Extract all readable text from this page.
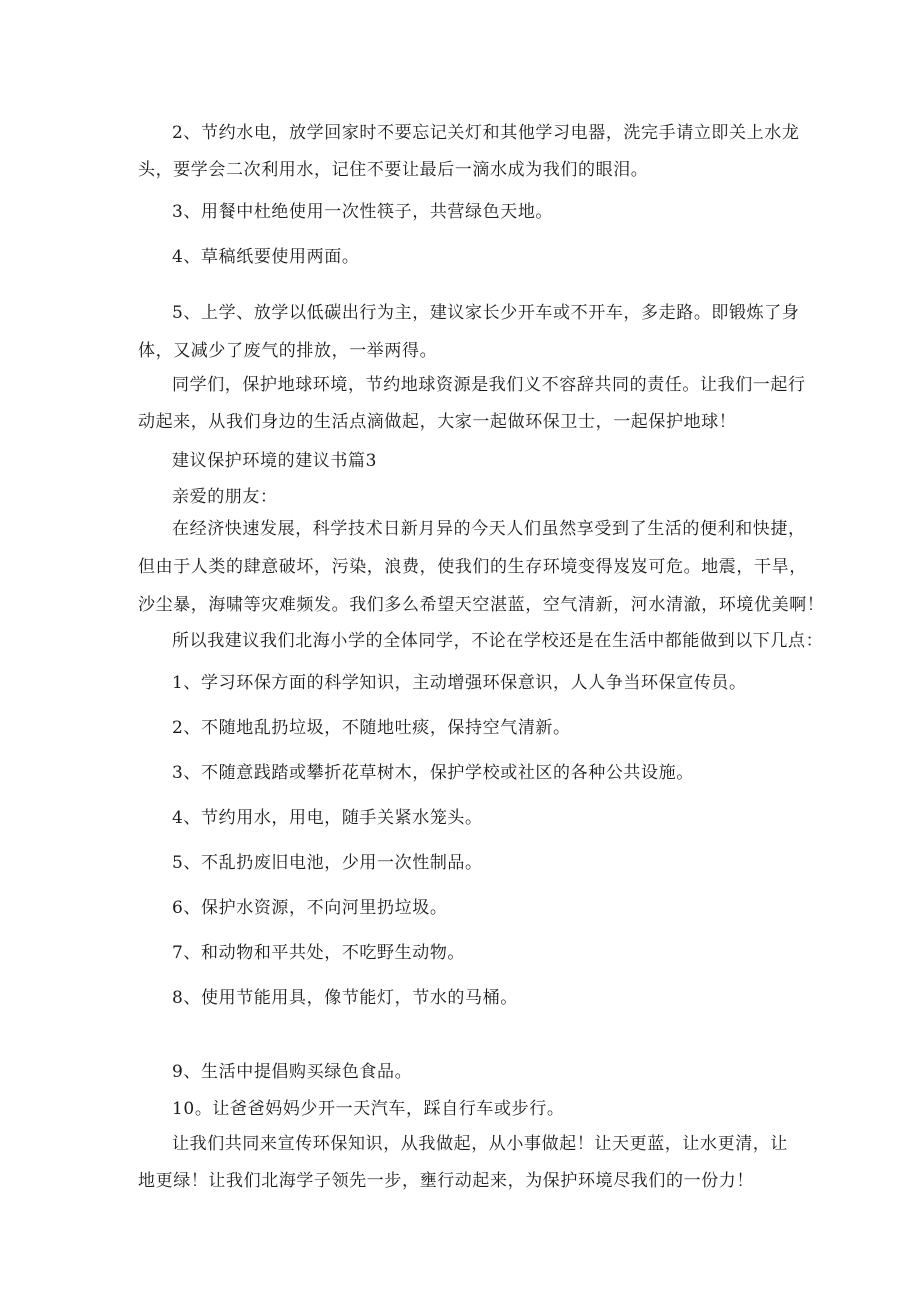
2、节约水电，放学回家时不要忘记关灯和其他学习电器，洗完手请立即关上水龙
头，要学会二次利用水，记住不要让最后一滴水成为我们的眼泪。
3、用餐中杜绝使用一次性筷子，共营绿色天地。
4、草稿纸要使用两面。
5、上学、放学以低碳出行为主，建议家长少开车或不开车，多走路。即锻炼了身
体，又减少了废气的排放，一举两得。
同学们，保护地球环境，节约地球资源是我们义不容辞共同的责任。让我们一起行
动起来，从我们身边的生活点滴做起，大家一起做环保卫士，一起保护地球！
建议保护环境的建议书篇3
亲爱的朋友：
在经济快速发展，科学技术日新月异的今天人们虽然享受到了生活的便利和快捷，
但由于人类的肆意破坏，污染，浪费，使我们的生存环境变得岌岌可危。地震，干旱，
沙尘暴，海啸等灾难频发。我们多么希望天空湛蓝，空气清新，河水清澈，环境优美啊！
所以我建议我们北海小学的全体同学，不论在学校还是在生活中都能做到以下几点：
1、学习环保方面的科学知识，主动增强环保意识，人人争当环保宣传员。
2、不随地乱扔垃圾，不随地吐痰，保持空气清新。
3、不随意践踏或攀折花草树木，保护学校或社区的各种公共设施。
4、节约用水，用电，随手关紧水笼头。
5、不乱扔废旧电池，少用一次性制品。
6、保护水资源，不向河里扔垃圾。
7、和动物和平共处，不吃野生动物。
8、使用节能用具，像节能灯，节水的马桶。
9、生活中提倡购买绿色食品。
10。让爸爸妈妈少开一天汽车，踩自行车或步行。
让我们共同来宣传环保知识，从我做起，从小事做起！让天更蓝，让水更清，让
地更绿！让我们北海学子领先一步，壅行动起来，为保护环境尽我们的一份力！
